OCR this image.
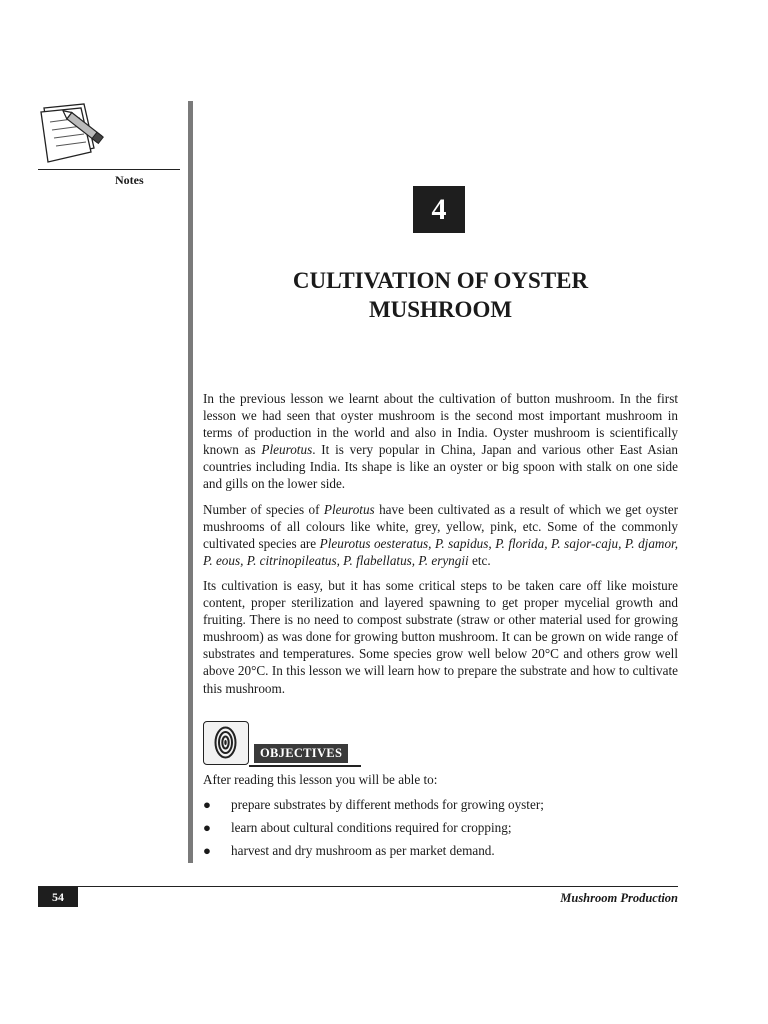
Notes
4
CULTIVATION OF OYSTER
MUSHROOM

In the previous lesson we learnt about the cultivation of button mushroom. In the first lesson we had seen that oyster mushroom is the second most important mushroom in terms of production in the world and also in India. Oyster mushroom is scientifically known as Pleurotus. It is very popular in China, Japan and various other East Asian countries including India. Its shape is like an oyster or big spoon with stalk on one side and gills on the lower side.

Number of species of Pleurotus have been cultivated as a result of which we get oyster mushrooms of all colours like white, grey, yellow, pink, etc. Some of the commonly cultivated species are Pleurotus oesteratus, P. sapidus, P. florida, P. sajor-caju, P. djamor, P. eous, P. citrinopileatus, P. flabellatus, P. eryngii etc.

Its cultivation is easy, but it has some critical steps to be taken care off like moisture content, proper sterilization and layered spawning to get proper mycelial growth and fruiting. There is no need to compost substrate (straw or other material used for growing mushroom) as was done for growing button mushroom. It can be grown on wide range of substrates and temperatures. Some species grow well below 20°C and others grow well above 20°C. In this lesson we will learn how to prepare the substrate and how to cultivate this mushroom.

OBJECTIVES
After reading this lesson you will be able to:
● prepare substrates by different methods for growing oyster;
● learn about cultural conditions required for cropping;
● harvest and dry mushroom as per market demand.
54	Mushroom Production
